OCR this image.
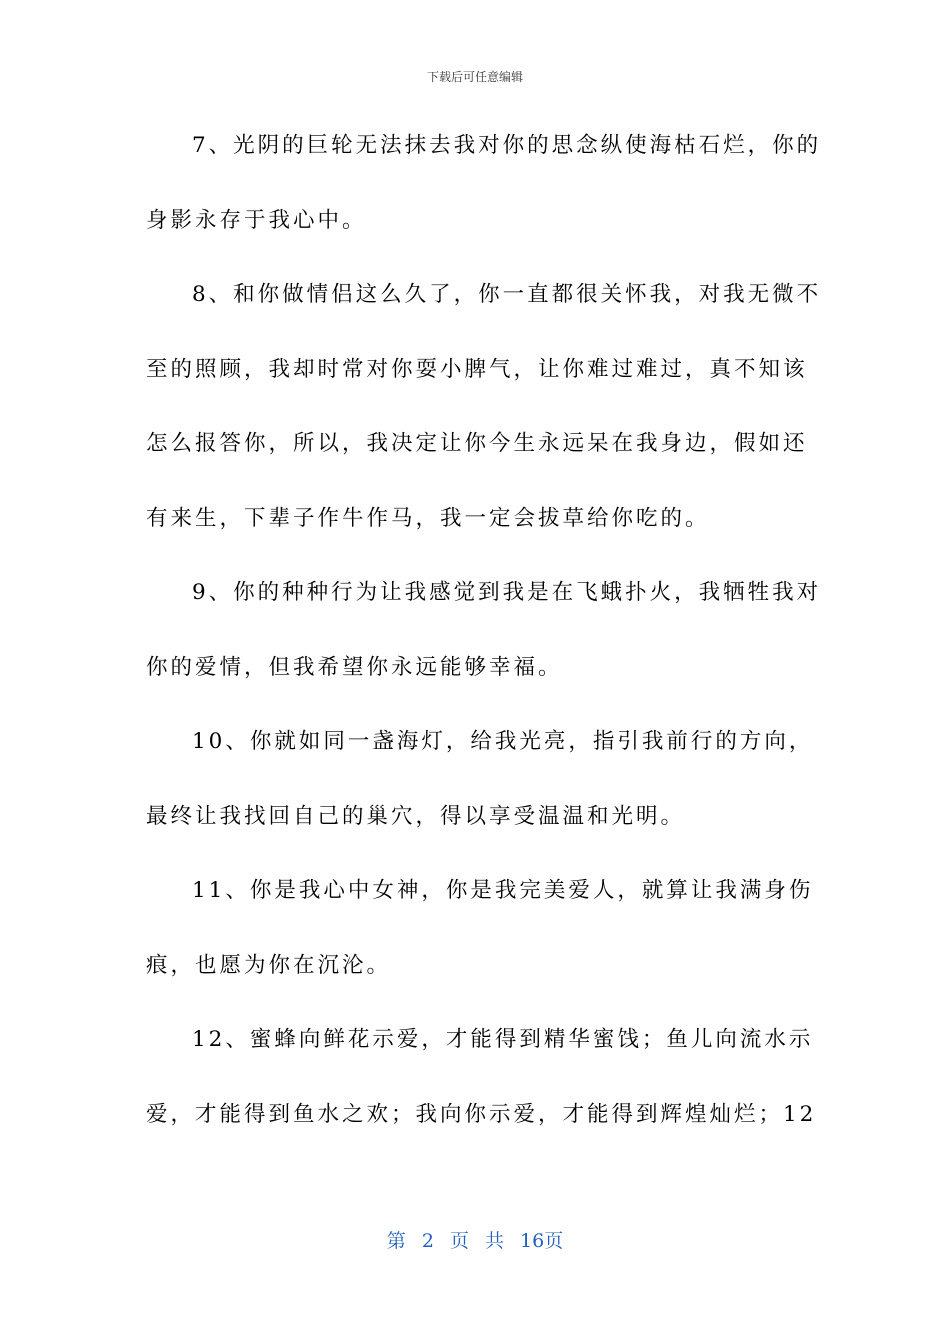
下载后可任意编辑
7、光阴的巨轮无法抹去我对你的思念纵使海枯石烂，你的
身影永存于我心中。
8、和你做情侣这么久了，你一直都很关怀我，对我无微不
至的照顾，我却时常对你耍小脾气，让你难过难过，真不知该
怎么报答你，所以，我决定让你今生永远呆在我身边，假如还
有来生，下辈子作牛作马，我一定会拔草给你吃的。
9、你的种种行为让我感觉到我是在飞蛾扑火，我牺牲我对
你的爱情，但我希望你永远能够幸福。
10、你就如同一盏海灯，给我光亮，指引我前行的方向，
最终让我找回自己的巢穴，得以享受温温和光明。
11、你是我心中女神，你是我完美爱人，就算让我满身伤
痕，也愿为你在沉沦。
12、蜜蜂向鲜花示爱，才能得到精华蜜饯；鱼儿向流水示
爱，才能得到鱼水之欢；我向你示爱，才能得到辉煌灿烂；12
第 2 页 共 16页
